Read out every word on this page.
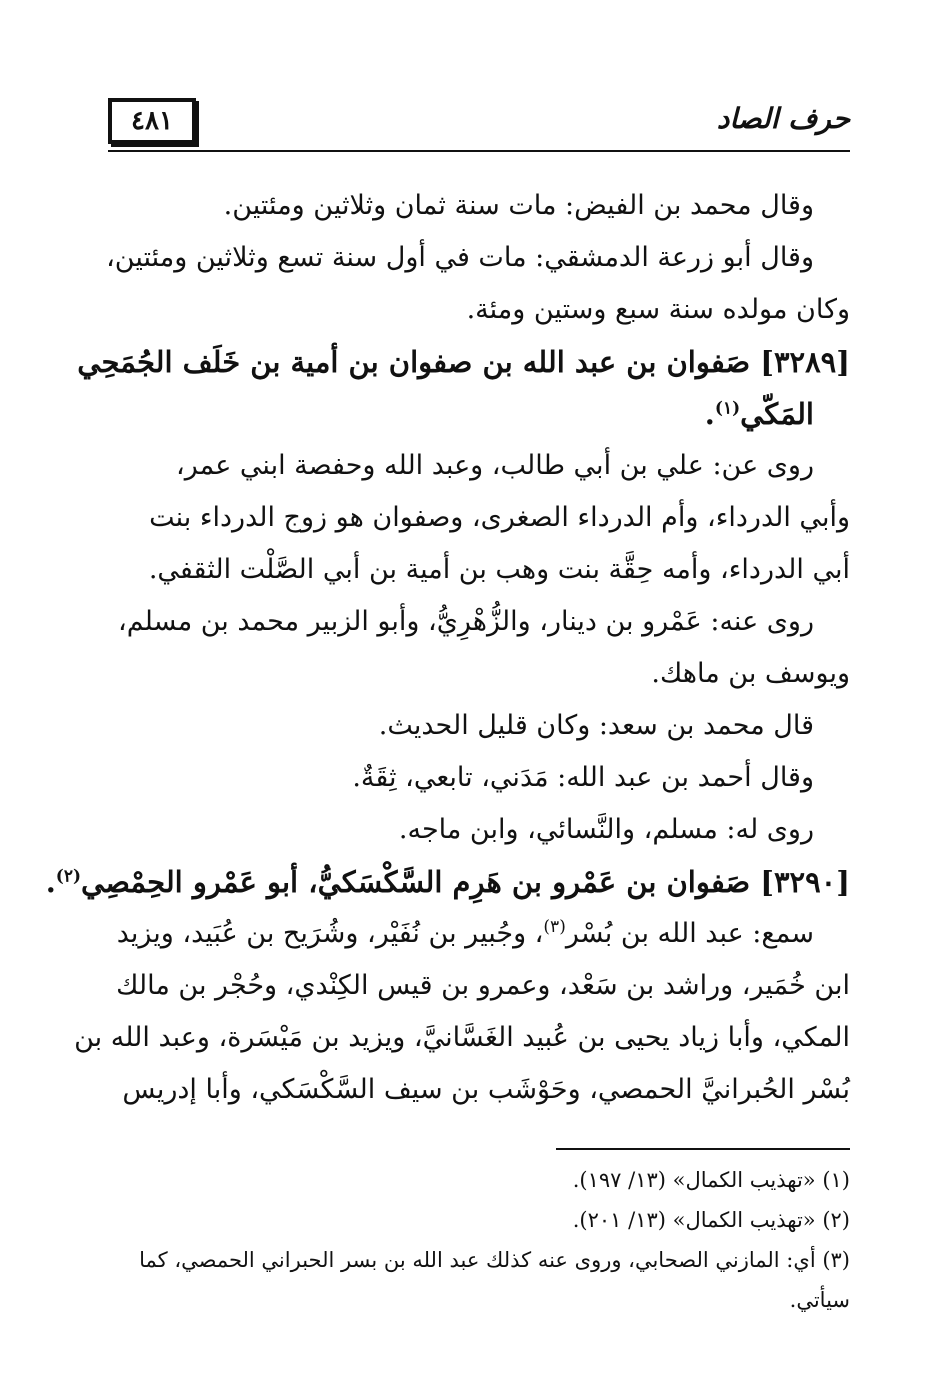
٤٨١	حرف الصاد
وقال محمد بن الفيض: مات سنة ثمان وثلاثين ومئتين.
وقال أبو زرعة الدمشقي: مات في أول سنة تسع وثلاثين ومئتين،
وكان مولده سنة سبع وستين ومئة.
[٣٢٨٩] صَفوان بن عبد الله بن صفوان بن أمية بن خَلَف الجُمَحِي
المَكّي$^{(١)}$.
روى عن: علي بن أبي طالب، وعبد الله وحفصة ابني عمر،
وأبي الدرداء، وأم الدرداء الصغرى، وصفوان هو زوج الدرداء بنت
أبي الدرداء، وأمه حِقَّة بنت وهب بن أمية بن أبي الصَّلْت الثقفي.
روى عنه: عَمْرو بن دينار، والزُّهْرِيُّ، وأبو الزبير محمد بن مسلم،
ويوسف بن ماهك.
قال محمد بن سعد: وكان قليل الحديث.
وقال أحمد بن عبد الله: مَدَني، تابعي، ثِقَةٌ.
روى له: مسلم، والنَّسائي، وابن ماجه.
[٣٢٩٠] صَفوان بن عَمْرو بن هَرِم السَّكْسَكيُّ، أبو عَمْرو الحِمْصِي$^{(٢)}$.
سمع: عبد الله بن بُسْر$^{(٣)}$، وجُبير بن نُفَيْر، وشُرَيح بن عُبَيد، ويزيد
ابن خُمَير، وراشد بن سَعْد، وعمرو بن قيس الكِنْدي، وحُجْر بن مالك
المكي، وأبا زياد يحيى بن عُبيد الغَسَّانيَّ، ويزيد بن مَيْسَرة، وعبد الله بن
بُسْر الحُبرانيَّ الحمصي، وحَوْشَب بن سيف السَّكْسَكي، وأبا إدريس
(١) «تهذيب الكمال» (١٣/ ١٩٧).
(٢) «تهذيب الكمال» (١٣/ ٢٠١).
(٣) أي: المازني الصحابي، وروى عنه كذلك عبد الله بن بسر الحبراني الحمصي، كما سيأتي.
